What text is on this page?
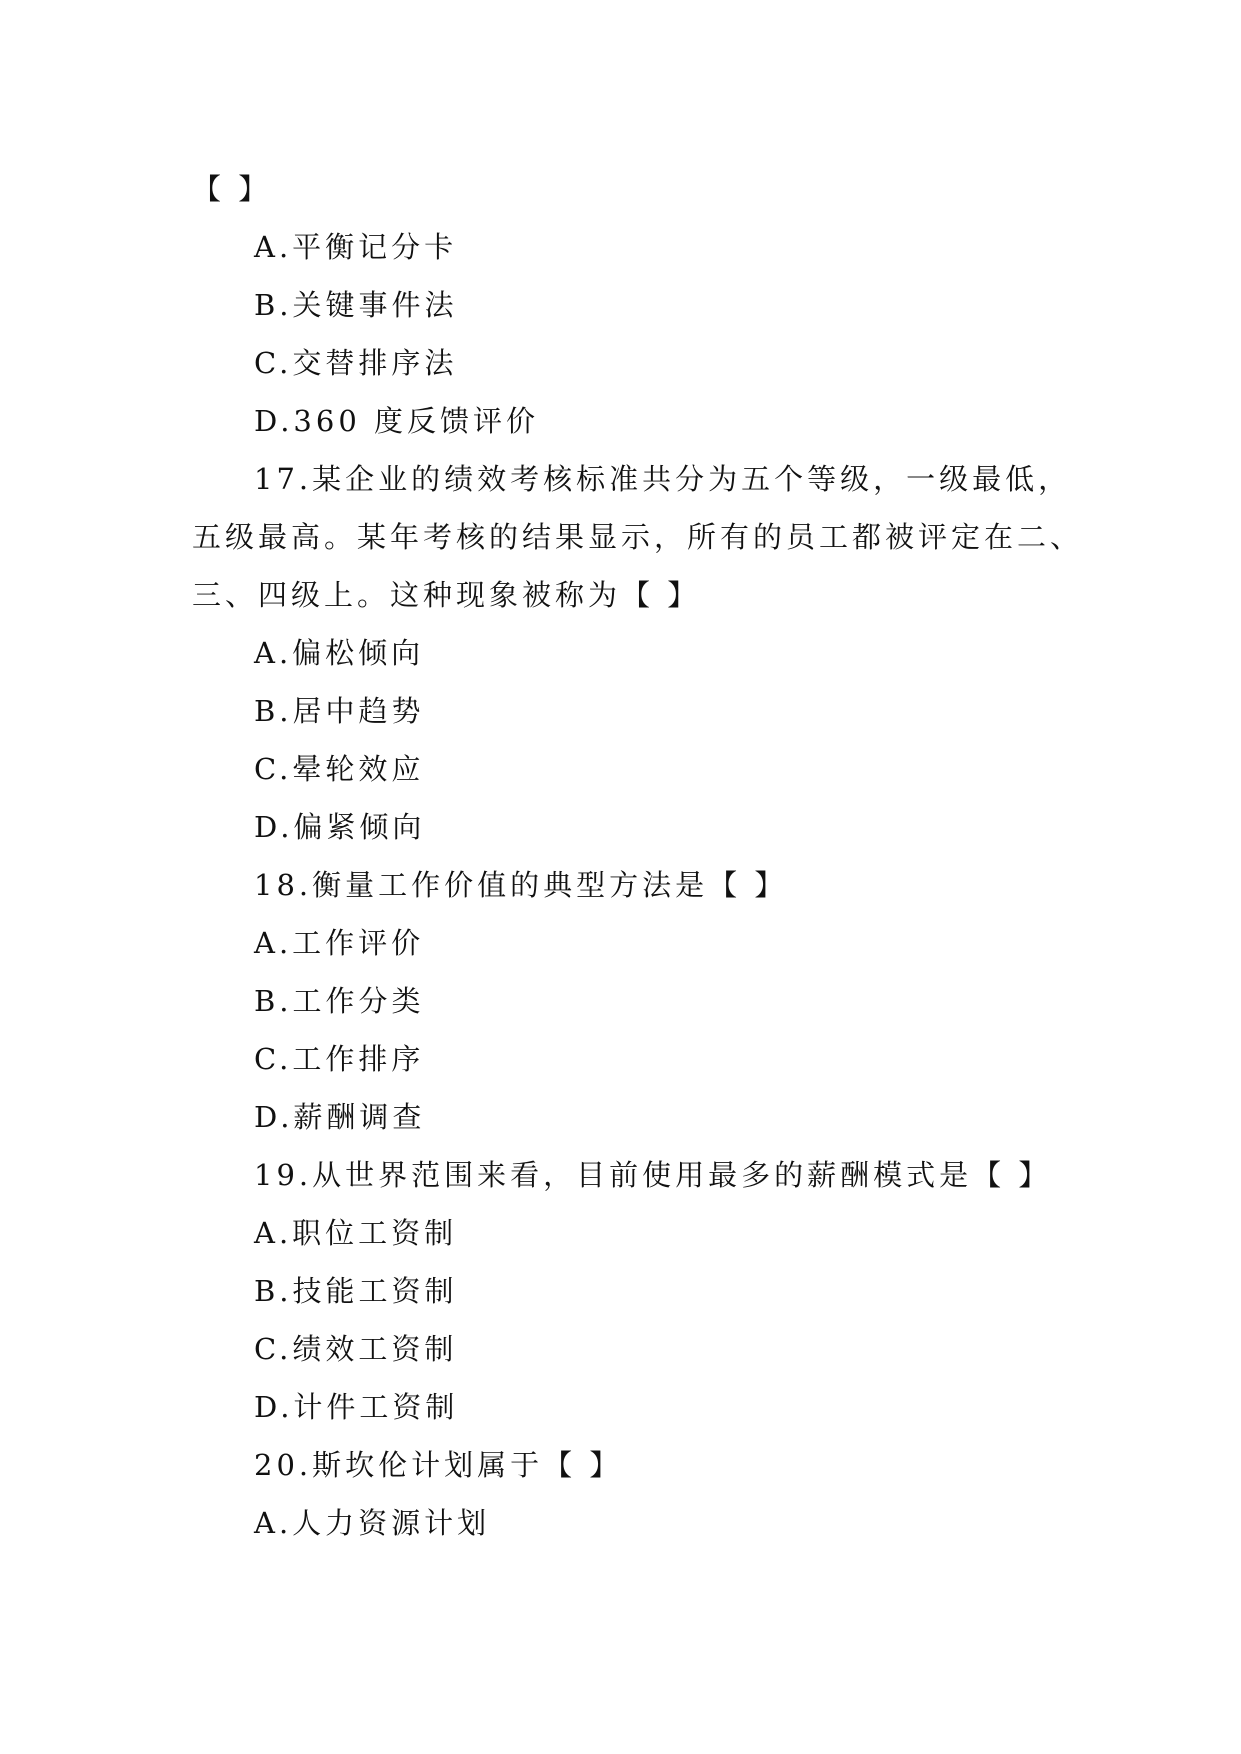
【 】
A.平衡记分卡
B.关键事件法
C.交替排序法
D.360 度反馈评价
17.某企业的绩效考核标准共分为五个等级，一级最低，
五级最高。某年考核的结果显示，所有的员工都被评定在二、
三、四级上。这种现象被称为【 】
A.偏松倾向
B.居中趋势
C.晕轮效应
D.偏紧倾向
18.衡量工作价值的典型方法是【 】
A.工作评价
B.工作分类
C.工作排序
D.薪酬调查
19.从世界范围来看，目前使用最多的薪酬模式是【 】
A.职位工资制
B.技能工资制
C.绩效工资制
D.计件工资制
20.斯坎伦计划属于【 】
A.人力资源计划
